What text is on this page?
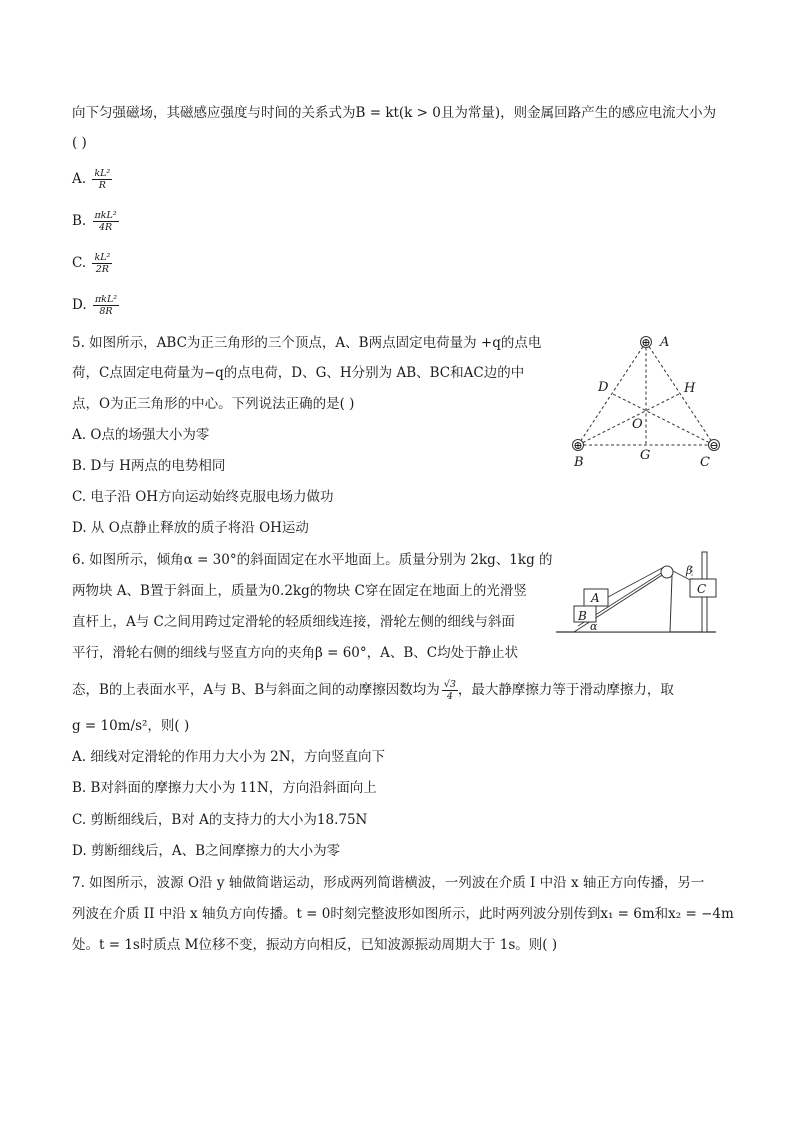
向下匀强磁场，其磁感应强度与时间的关系式为B = kt(k > 0且为常量)，则金属回路产生的感应电流大小为
( )
A. $\frac{\text{kL²}}{R}$
B. $\frac{\text{πkL²}}{4R}$
C. $\frac{\text{kL²}}{2R}$
D. $\frac{\text{πkL²}}{8R}$
5. 如图所示，ABC为正三角形的三个顶点，A、B两点固定电荷量为 +q的点电
荷，C点固定电荷量为−q的点电荷，D、G、H分别为 AB、BC和AC边的中
点，O为正三角形的中心。下列说法正确的是( )
A. O点的场强大小为零
B. D与 H两点的电势相同
C. 电子沿 OH方向运动始终克服电场力做功
D. 从 O点静止释放的质子将沿 OH运动
⊕
⊕	⊖
A
B	C
D
G
H
O
6. 如图所示，倾角α = 30°的斜面固定在水平地面上。质量分别为 2kg、1kg 的
两物块 A、B置于斜面上，质量为0.2kg的物块 C穿在固定在地面上的光滑竖
直杆上，A与 C之间用跨过定滑轮的轻质细线连接，滑轮左侧的细线与斜面
平行，滑轮右侧的细线与竖直方向的夹角β = 60°，A、B、C均处于静止状
态，B的上表面水平，A与 B、B与斜面之间的动摩擦因数均为 $\frac{√3}{4}$ ，最大静摩擦力等于滑动摩擦力，取
g = 10m/s²，则( )
A. 细线对定滑轮的作用力大小为 2N，方向竖直向下
B. B对斜面的摩擦力大小为 11N，方向沿斜面向上
C. 剪断细线后，B对 A的支持力的大小为18.75N
D. 剪断细线后，A、B之间摩擦力的大小为零
A
B
C
α
β
7. 如图所示，波源 O沿 y 轴做简谐运动，形成两列简谐横波，一列波在介质 I 中沿 x 轴正方向传播，另一
列波在介质 II 中沿 x 轴负方向传播。t = 0时刻完整波形如图所示，此时两列波分别传到x₁ = 6m和x₂ = −4m
处。t = 1s时质点 M位移不变，振动方向相反，已知波源振动周期大于 1s。则( )
